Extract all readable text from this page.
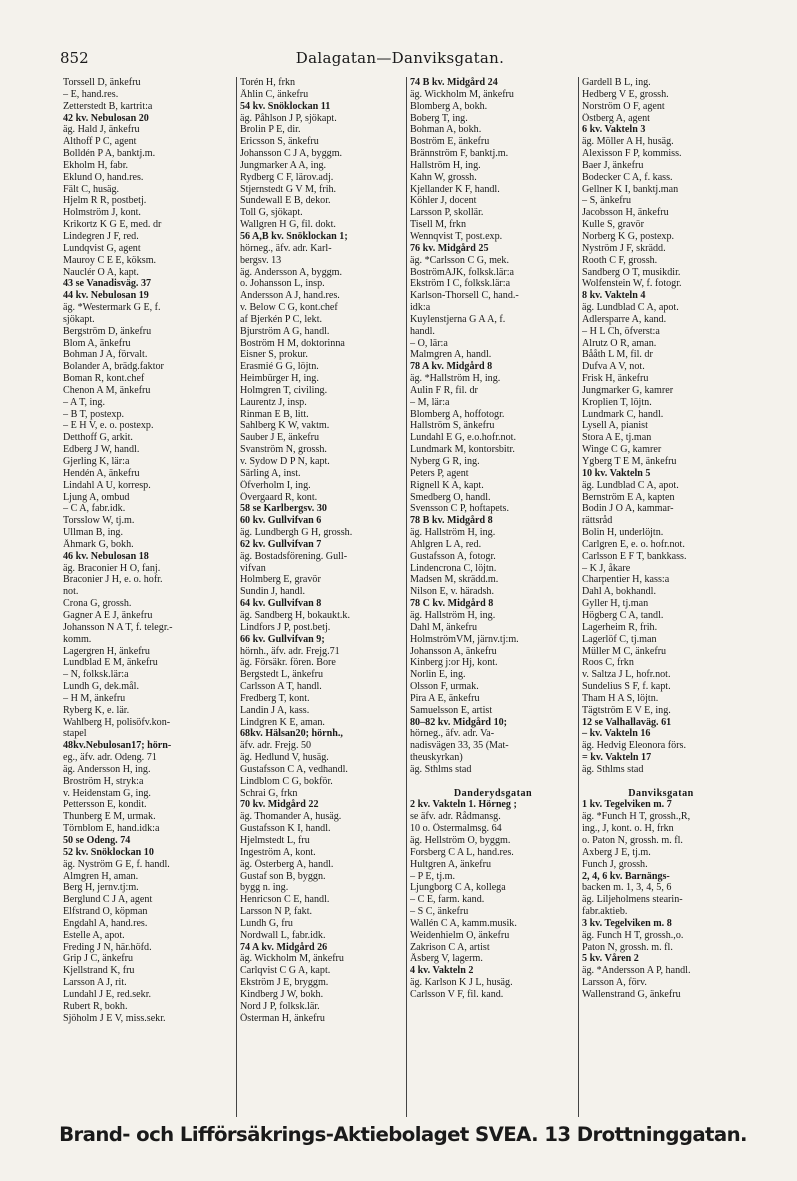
852	Dalagatan—Danviksgatan.
Torssell D, änkefru
– E, hand.res.
Zetterstedt B, kartrit:a
42 kv. Nebulosan 20
äg. Hald J, änkefru
Althoff P C, agent
Bolldén P A, banktj.m.
Ekholm H, fabr.
Eklund O, hand.res.
Fält C, husäg.
Hjelm R R, postbetj.
Holmström J, kont.
Krikortz K G E, med. dr
Lindegren J F, red.
Lundqvist G, agent
Mauroy C E E, köksm.
Nauclér O A, kapt.
43 se Vanadisväg. 37
44 kv. Nebulosan 19
äg. *Westermark G E, f.
sjökapt.
Bergström D, änkefru
Blom A, änkefru
Bohman J A, förvalt.
Bolander A, brädg.faktor
Boman R, kont.chef
Chenon A M, änkefru
– A T, ing.
– B T, postexp.
– E H V, e. o. postexp.
Detthoff G, arkit.
Edberg J W, handl.
Gjerling K, lär:a
Hendén A, änkefru
Lindahl A U, korresp.
Ljung A, ombud
– C A, fabr.idk.
Torsslow W, tj.m.
Ullman B, ing.
Åhmark G, bokh.
46 kv. Nebulosan 18
äg. Braconier H O, fanj.
Braconier J H, e. o. hofr.
not.
Crona G, grossh.
Gagner A E J, änkefru
Johansson N A T, f. telegr.-
komm.
Lagergren H, änkefru
Lundblad E M, änkefru
– N, folksk.lär:a
Lundh G, dek.mål.
– H M, änkefru
Ryberg K, e. lär.
Wahlberg H, polisöfv.kon-
stapel
48kv.Nebulosan17; hörn-
eg., äfv. adr. Odeng. 71
äg. Andersson H, ing.
Broström H, stryk:a
v. Heidenstam G, ing.
Pettersson E, kondit.
Thunberg E M, urmak.
Törnblom E, hand.idk:a
50 se Odeng. 74
52 kv. Snöklockan 10
äg. Nyström G E, f. handl.
Almgren H, aman.
Berg H, jernv.tj:m.
Berglund C J A, agent
Elfstrand O, köpman
Engdahl A, hand.res.
Estelle A, apot.
Freding J N, här.höfd.
Grip J C, änkefru
Kjellstrand K, fru
Larsson A J, rit.
Lundahl J E, red.sekr.
Rubert R, bokh.
Sjöholm J E V, miss.sekr.
Torén H, frkn
Åhlin C, änkefru
54 kv. Snöklockan 11
äg. Påhlson J P, sjökapt.
Brolin P E, dir.
Ericsson S, änkefru
Johansson C J A, byggm.
Jungmarker A A, ing.
Rydberg C F, lärov.adj.
Stjernstedt G V M, frih.
Sundewall E B, dekor.
Toll G, sjökapt.
Wallgren H G, fil. dokt.
56 A,B kv. Snöklockan 1;
hörneg., äfv. adr. Karl-
bergsv. 13
äg. Andersson A, byggm.
o. Johansson L, insp.
Andersson A J, hand.res.
v. Below C G, kont.chef
af Bjerkén P C, lekt.
Bjurström A G, handl.
Boström H M, doktorinna
Eisner S, prokur.
Erasmié G G, löjtn.
Heimbürger H, ing.
Holmgren T, civiling.
Laurentz J, insp.
Rinman E B, litt.
Sahlberg K W, vaktm.
Sauber J E, änkefru
Svanström N, grossh.
v. Sydow D P N, kapt.
Särling A, inst.
Öfverholm I, ing.
Övergaard R, kont.
58 se Karlbergsv. 30
60 kv. Gullvifvan 6
äg. Lundbergh G H, grossh.
62 kv. Gullvifvan 7
äg. Bostadsförening. Gull-
vifvan
Holmberg E, gravör
Sundin J, handl.
64 kv. Gullvifvan 8
äg. Sandberg H, bokaukt.k.
Lindfors J P, post.betj.
66 kv. Gullvifvan 9;
hörnh., äfv. adr. Frejg.71
äg. Försäkr. fören. Bore
Bergstedt L, änkefru
Carlsson A T, handl.
Fredberg T, kont.
Landin J A, kass.
Lindgren K E, aman.
68kv. Hälsan20; hörnh.,
äfv. adr. Frejg. 50
äg. Hedlund V, husäg.
Gustafsson C A, vedhandl.
Lindblom C G, bokför.
Schrai G, frkn
70 kv. Midgård 22
äg. Thomander A, husäg.
Gustafsson K I, handl.
Hjelmstedt L, fru
Ingeström A, kont.
äg. Österberg A, handl.
Gustaf son B, byggn.
bygg n. ing.
Henricson C E, handl.
Larsson N P, fakt.
Lundh G, fru
Nordwall L, fabr.idk.
74 A kv. Midgård 26
äg. Wickholm M, änkefru
Carlqvist C G A, kapt.
Ekström J E, bryggm.
Kindberg J W, bokh.
Nord J P, folksk.lär.
Österman H, änkefru
74 B kv. Midgård 24
äg. Wickholm M, änkefru
Blomberg A, bokh.
Boberg T, ing.
Bohman A, bokh.
Boström E, änkefru
Brännström F, banktj.m.
Hallström H, ing.
Kahn W, grossh.
Kjellander K F, handl.
Köhler J, docent
Larsson P, skollär.
Tisell M, frkn
Wennqvist T, post.exp.
76 kv. Midgård 25
äg. *Carlsson C G, mek.
BoströmAJK, folksk.lär:a
Ekström I C, folksk.lär:a
Karlson-Thorsell C, hand.-
idk:a
Kuylenstjerna G A A, f.
handl.
– O, lär:a
Malmgren A, handl.
78 A kv. Midgård 8
äg. *Hallström H, ing.
Aulin F R, fil. dr
– M, lär:a
Blomberg A, hoffotogr.
Hallström S, änkefru
Lundahl E G, e.o.hofr.not.
Lundmark M, kontorsbitr.
Nyberg G R, ing.
Peters P, agent
Rignell K A, kapt.
Smedberg O, handl.
Svensson C P, hoftapets.
78 B kv. Midgård 8
äg. Hallström H, ing.
Ahlgren L A, red.
Gustafsson A, fotogr.
Lindencrona C, löjtn.
Madsen M, skrädd.m.
Nilson E, v. häradsh.
78 C kv. Midgård 8
äg. Hallström H, ing.
Dahl M, änkefru
HolmströmVM, järnv.tj:m.
Johansson A, änkefru
Kinberg j:or Hj, kont.
Norlin E, ing.
Olsson F, urmak.
Pira A E, änkefru
Samuelsson E, artist
80–82 kv. Midgård 10;
hörneg., äfv. adr. Va-
nadisvägen 33, 35 (Mat-
theuskyrkan)
äg. Sthlms stad

Danderydsgatan
2 kv. Vakteln 1. Hörneg ;
se äfv. adr. Rådmansg.
10 o. Östermalmsg. 64
äg. Hellström O, byggm.
Forsberg C A L, hand.res.
Hultgren A, änkefru
– P E, tj.m.
Ljungborg C A, kollega
– C E, farm. kand.
– S C, änkefru
Wallén C A, kamm.musik.
Weidenhielm O, änkefru
Zakrison C A, artist
Åsberg V, lagerm.
4 kv. Vakteln 2
äg. Karlson K J L, husäg.
Carlsson V F, fil. kand.
Gardell B L, ing.
Hedberg V E, grossh.
Norström O F, agent
Östberg A, agent
6 kv. Vakteln 3
äg. Möller A H, husäg.
Alexisson F P, kommiss.
Baer J, änkefru
Bodecker C A, f. kass.
Gellner K I, banktj.man
– S, änkefru
Jacobsson H, änkefru
Kulle S, gravör
Norberg K G, postexp.
Nyström J F, skrädd.
Rooth C F, grossh.
Sandberg O T, musikdir.
Wolfenstein W, f. fotogr.
8 kv. Vakteln 4
äg. Lundblad C A, apot.
Adlersparre A, kand.
– H L Ch, öfverst:a
Alrutz O R, aman.
Bååth L M, fil. dr
Dufva A V, not.
Frisk H, änkefru
Jungmarker G, kamrer
Kroplien T, löjtn.
Lundmark C, handl.
Lysell A, pianist
Stora A E, tj.man
Winge C G, kamrer
Ygberg T E M, änkefru
10 kv. Vakteln 5
äg. Lundblad C A, apot.
Bernström E A, kapten
Bodin J O A, kammar-
rättsråd
Bolin H, underlöjtn.
Carlgren E, e. o. hofr.not.
Carlsson E F T, bankkass.
– K J, åkare
Charpentier H, kass:a
Dahl A, bokhandl.
Gyller H, tj.man
Högberg C A, tandl.
Lagerheim R, frih.
Lagerlöf C, tj.man
Müller M C, änkefru
Roos C, frkn
v. Saltza J L, hofr.not.
Sundelius S F, f. kapt.
Tham H A S, löjtn.
Tägtström E V E, ing.
12 se Valhallaväg. 61
– kv. Vakteln 16
äg. Hedvig Eleonora förs.
= kv. Vakteln 17
äg. Sthlms stad

Danviksgatan
1 kv. Tegelviken m. 7
äg. *Funch H T, grossh.,R,
ing., J, kont. o. H, frkn
o. Paton N, grossh. m. fl.
Axberg J E, tj.m.
Funch J, grossh.
2, 4, 6 kv. Barnängs-
backen m. 1, 3, 4, 5, 6
äg. Liljeholmens stearin-
fabr.aktieb.
3 kv. Tegelviken m. 8
äg. Funch H T, grossh.,o.
Paton N, grossh. m. fl.
5 kv. Våren 2
äg. *Andersson A P, handl.
Larsson A, förv.
Wallenstrand G, änkefru
Brand- och Lifförsäkrings-Aktiebolaget SVEA. 13 Drottninggatan.
